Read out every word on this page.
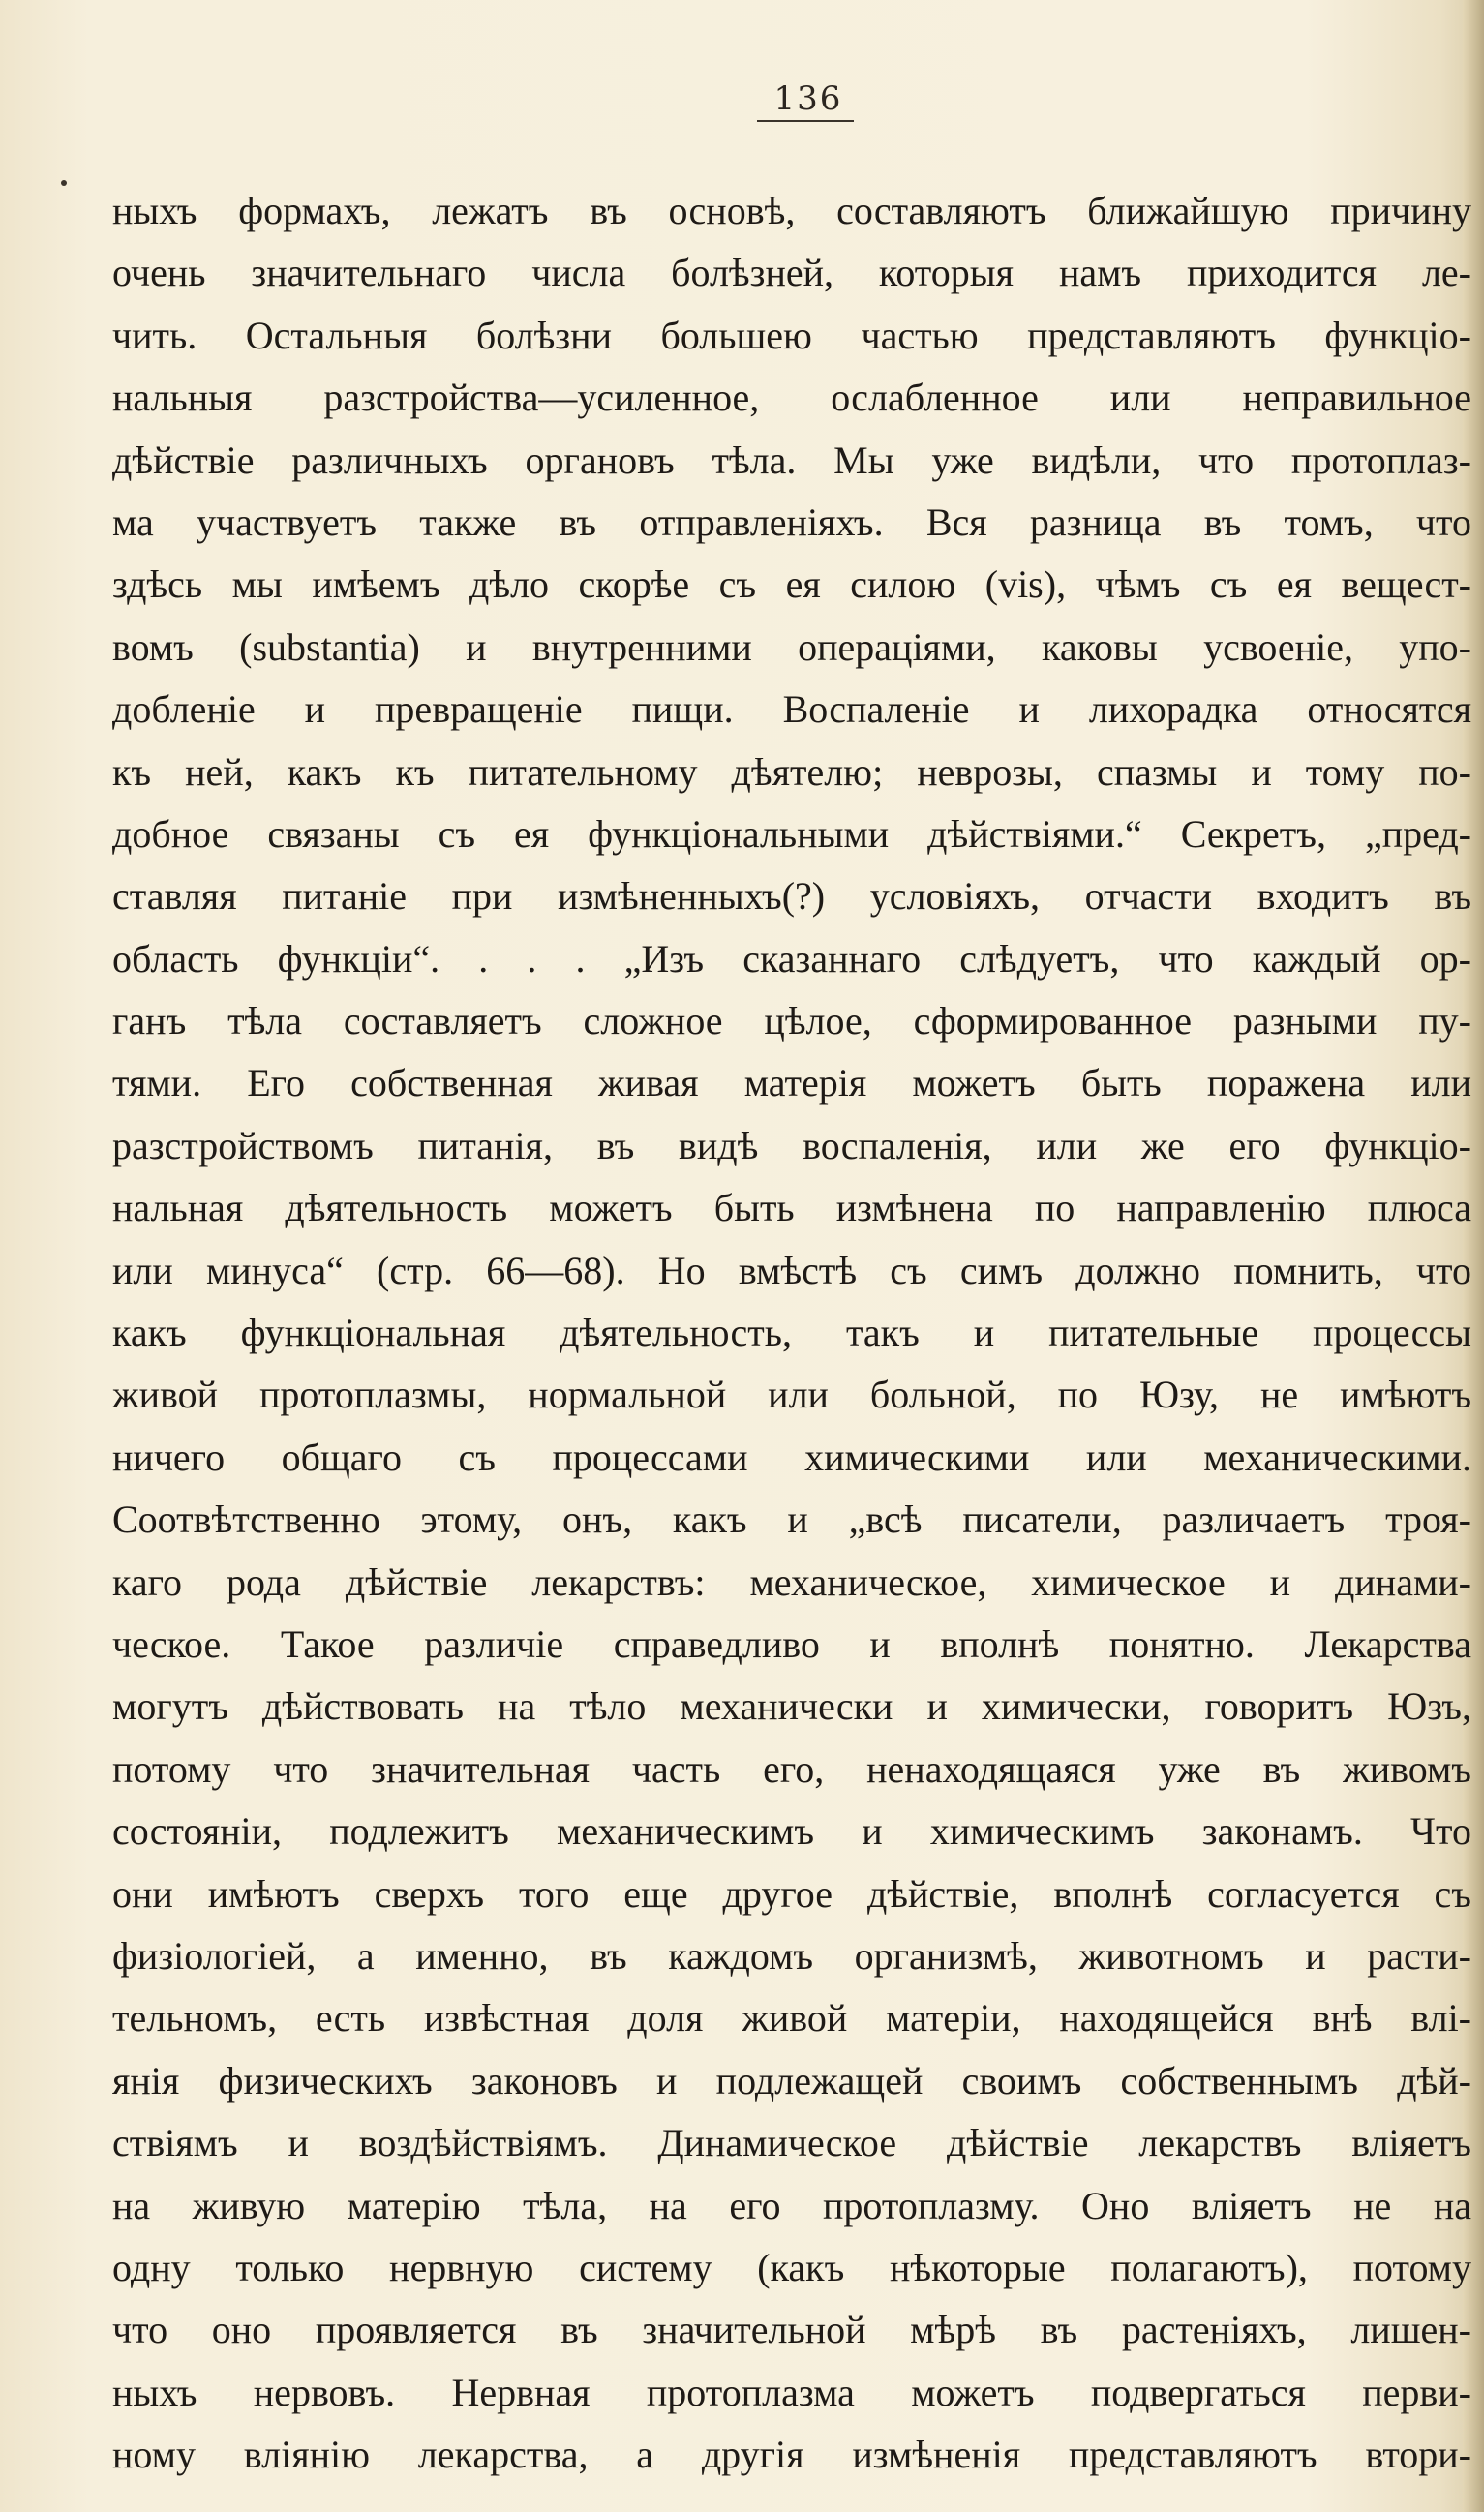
136
ныхъ формахъ, лежатъ въ основѣ, составляютъ ближайшую причину
очень значительнаго числа болѣзней, которыя намъ приходится ле-
чить. Остальныя болѣзни большею частью представляютъ функціо-
нальныя разстройства—усиленное, ослабленное или неправильное
дѣйствіе различныхъ органовъ тѣла. Мы уже видѣли, что протоплаз-
ма участвуетъ также въ отправленіяхъ. Вся разница въ томъ, что
здѣсь мы имѣемъ дѣло скорѣе съ ея силою (vis), чѣмъ съ ея вещест-
вомъ (substantia) и внутренними операціями, каковы усвоеніе, упо-
добленіе и превращеніе пищи. Воспаленіе и лихорадка относятся
къ ней, какъ къ питательному дѣятелю; неврозы, спазмы и тому по-
добное связаны съ ея функціональными дѣйствіями.“ Секретъ, „пред-
ставляя питаніе при измѣненныхъ(?) условіяхъ, отчасти входитъ въ
область функціи“. . . . „Изъ сказаннаго слѣдуетъ, что каждый ор-
ганъ тѣла составляетъ сложное цѣлое, сформированное разными пу-
тями. Его собственная живая матерія можетъ быть поражена или
разстройствомъ питанія, въ видѣ воспаленія, или же его функціо-
нальная дѣятельность можетъ быть измѣнена по направленію плюса
или минуса“ (стр. 66—68). Но вмѣстѣ съ симъ должно помнить, что
какъ функціональная дѣятельность, такъ и питательные процессы
живой протоплазмы, нормальной или больной, по Юзу, не имѣютъ
ничего общаго съ процессами химическими или механическими.
Соотвѣтственно этому, онъ, какъ и „всѣ писатели, различаетъ троя-
каго рода дѣйствіе лекарствъ: механическое, химическое и динами-
ческое. Такое различіе справедливо и вполнѣ понятно. Лекарства
могутъ дѣйствовать на тѣло механически и химически, говоритъ Юзъ,
потому что значительная часть его, ненаходящаяся уже въ живомъ
состояніи, подлежитъ механическимъ и химическимъ законамъ. Что
они имѣютъ сверхъ того еще другое дѣйствіе, вполнѣ согласуется съ
физіологіей, а именно, въ каждомъ организмѣ, животномъ и расти-
тельномъ, есть извѣстная доля живой матеріи, находящейся внѣ влі-
янія физическихъ законовъ и подлежащей своимъ собственнымъ дѣй-
ствіямъ и воздѣйствіямъ. Динамическое дѣйствіе лекарствъ вліяетъ
на живую матерію тѣла, на его протоплазму. Оно вліяетъ не на
одну только нервную систему (какъ нѣкоторые полагаютъ), потому
что оно проявляется въ значительной мѣрѣ въ растеніяхъ, лишен-
ныхъ нервовъ. Нервная протоплазма можетъ подвергаться перви-
ному вліянію лекарства, а другія измѣненія представляютъ втори-
